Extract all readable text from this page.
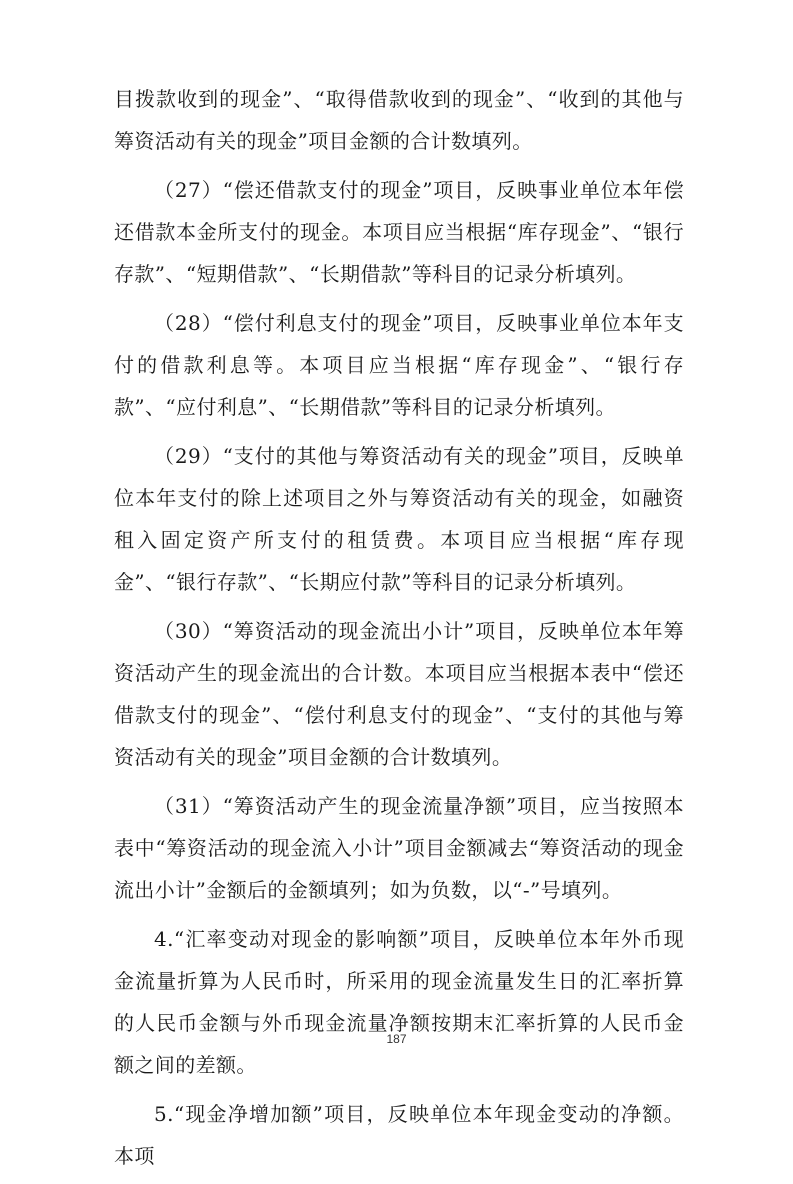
目拨款收到的现金”、“取得借款收到的现金”、“收到的其他与筹资活动有关的现金”项目金额的合计数填列。

（27）“偿还借款支付的现金”项目，反映事业单位本年偿还借款本金所支付的现金。本项目应当根据“库存现金”、“银行存款”、“短期借款”、“长期借款”等科目的记录分析填列。

（28）“偿付利息支付的现金”项目，反映事业单位本年支付的借款利息等。本项目应当根据“库存现金”、“银行存款”、“应付利息”、“长期借款”等科目的记录分析填列。

（29）“支付的其他与筹资活动有关的现金”项目，反映单位本年支付的除上述项目之外与筹资活动有关的现金，如融资租入固定资产所支付的租赁费。本项目应当根据“库存现金”、“银行存款”、“长期应付款”等科目的记录分析填列。

（30）“筹资活动的现金流出小计”项目，反映单位本年筹资活动产生的现金流出的合计数。本项目应当根据本表中“偿还借款支付的现金”、“偿付利息支付的现金”、“支付的其他与筹资活动有关的现金”项目金额的合计数填列。

（31）“筹资活动产生的现金流量净额”项目，应当按照本表中“筹资活动的现金流入小计”项目金额减去“筹资活动的现金流出小计”金额后的金额填列；如为负数，以“-”号填列。

4.“汇率变动对现金的影响额”项目，反映单位本年外币现金流量折算为人民币时，所采用的现金流量发生日的汇率折算的人民币金额与外币现金流量净额按期末汇率折算的人民币金额之间的差额。

5.“现金净增加额”项目，反映单位本年现金变动的净额。本项

187
